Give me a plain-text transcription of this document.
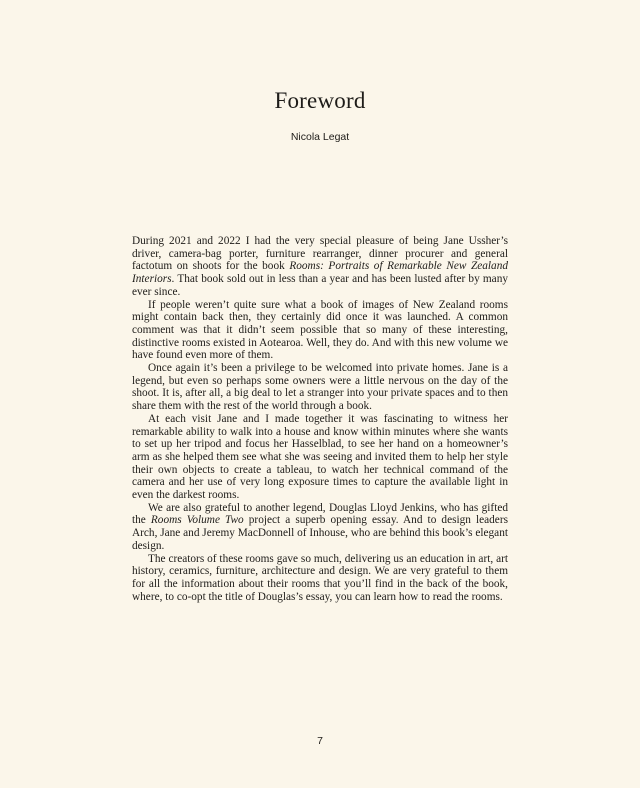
Foreword
Nicola Legat

During 2021 and 2022 I had the very special pleasure of being Jane Ussher’s driver, camera-bag porter, furniture rearranger, dinner procurer and general factotum on shoots for the book Rooms: Portraits of Remarkable New Zealand Interiors. That book sold out in less than a year and has been lusted after by many ever since.

If people weren’t quite sure what a book of images of New Zealand rooms might contain back then, they certainly did once it was launched. A common comment was that it didn’t seem possible that so many of these interesting, distinctive rooms existed in Aotearoa. Well, they do. And with this new volume we have found even more of them.

Once again it’s been a privilege to be welcomed into private homes. Jane is a legend, but even so perhaps some owners were a little nervous on the day of the shoot. It is, after all, a big deal to let a stranger into your private spaces and to then share them with the rest of the world through a book.

At each visit Jane and I made together it was fascinating to witness her remarkable ability to walk into a house and know within minutes where she wants to set up her tripod and focus her Hasselblad, to see her hand on a homeowner’s arm as she helped them see what she was seeing and invited them to help her style their own objects to create a tableau, to watch her technical command of the camera and her use of very long exposure times to capture the available light in even the darkest rooms.

We are also grateful to another legend, Douglas Lloyd Jenkins, who has gifted the Rooms Volume Two project a superb opening essay. And to design leaders Arch, Jane and Jeremy MacDonnell of Inhouse, who are behind this book’s elegant design.

The creators of these rooms gave so much, delivering us an education in art, art history, ceramics, furniture, architecture and design. We are very grateful to them for all the information about their rooms that you’ll find in the back of the book, where, to co-opt the title of Douglas’s essay, you can learn how to read the rooms.

7
